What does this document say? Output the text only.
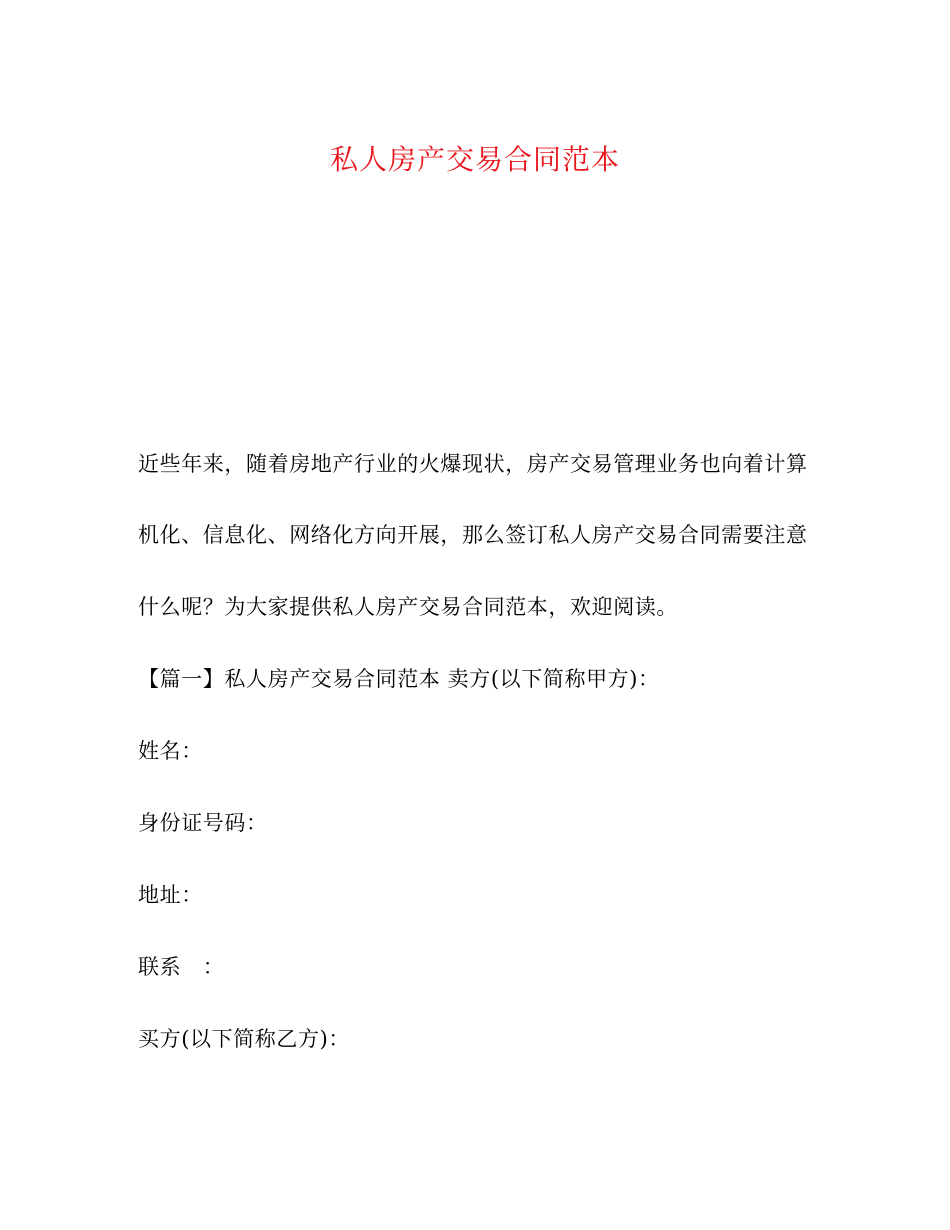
私人房产交易合同范本
近些年来，随着房地产行业的火爆现状，房产交易管理业务也向着计算
机化、信息化、网络化方向开展，那么签订私人房产交易合同需要注意
什么呢？为大家提供私人房产交易合同范本，欢迎阅读。
【篇一】私人房产交易合同范本 卖方(以下简称甲方)：
姓名：
身份证号码：
地址：
联系　：
买方(以下简称乙方)：
